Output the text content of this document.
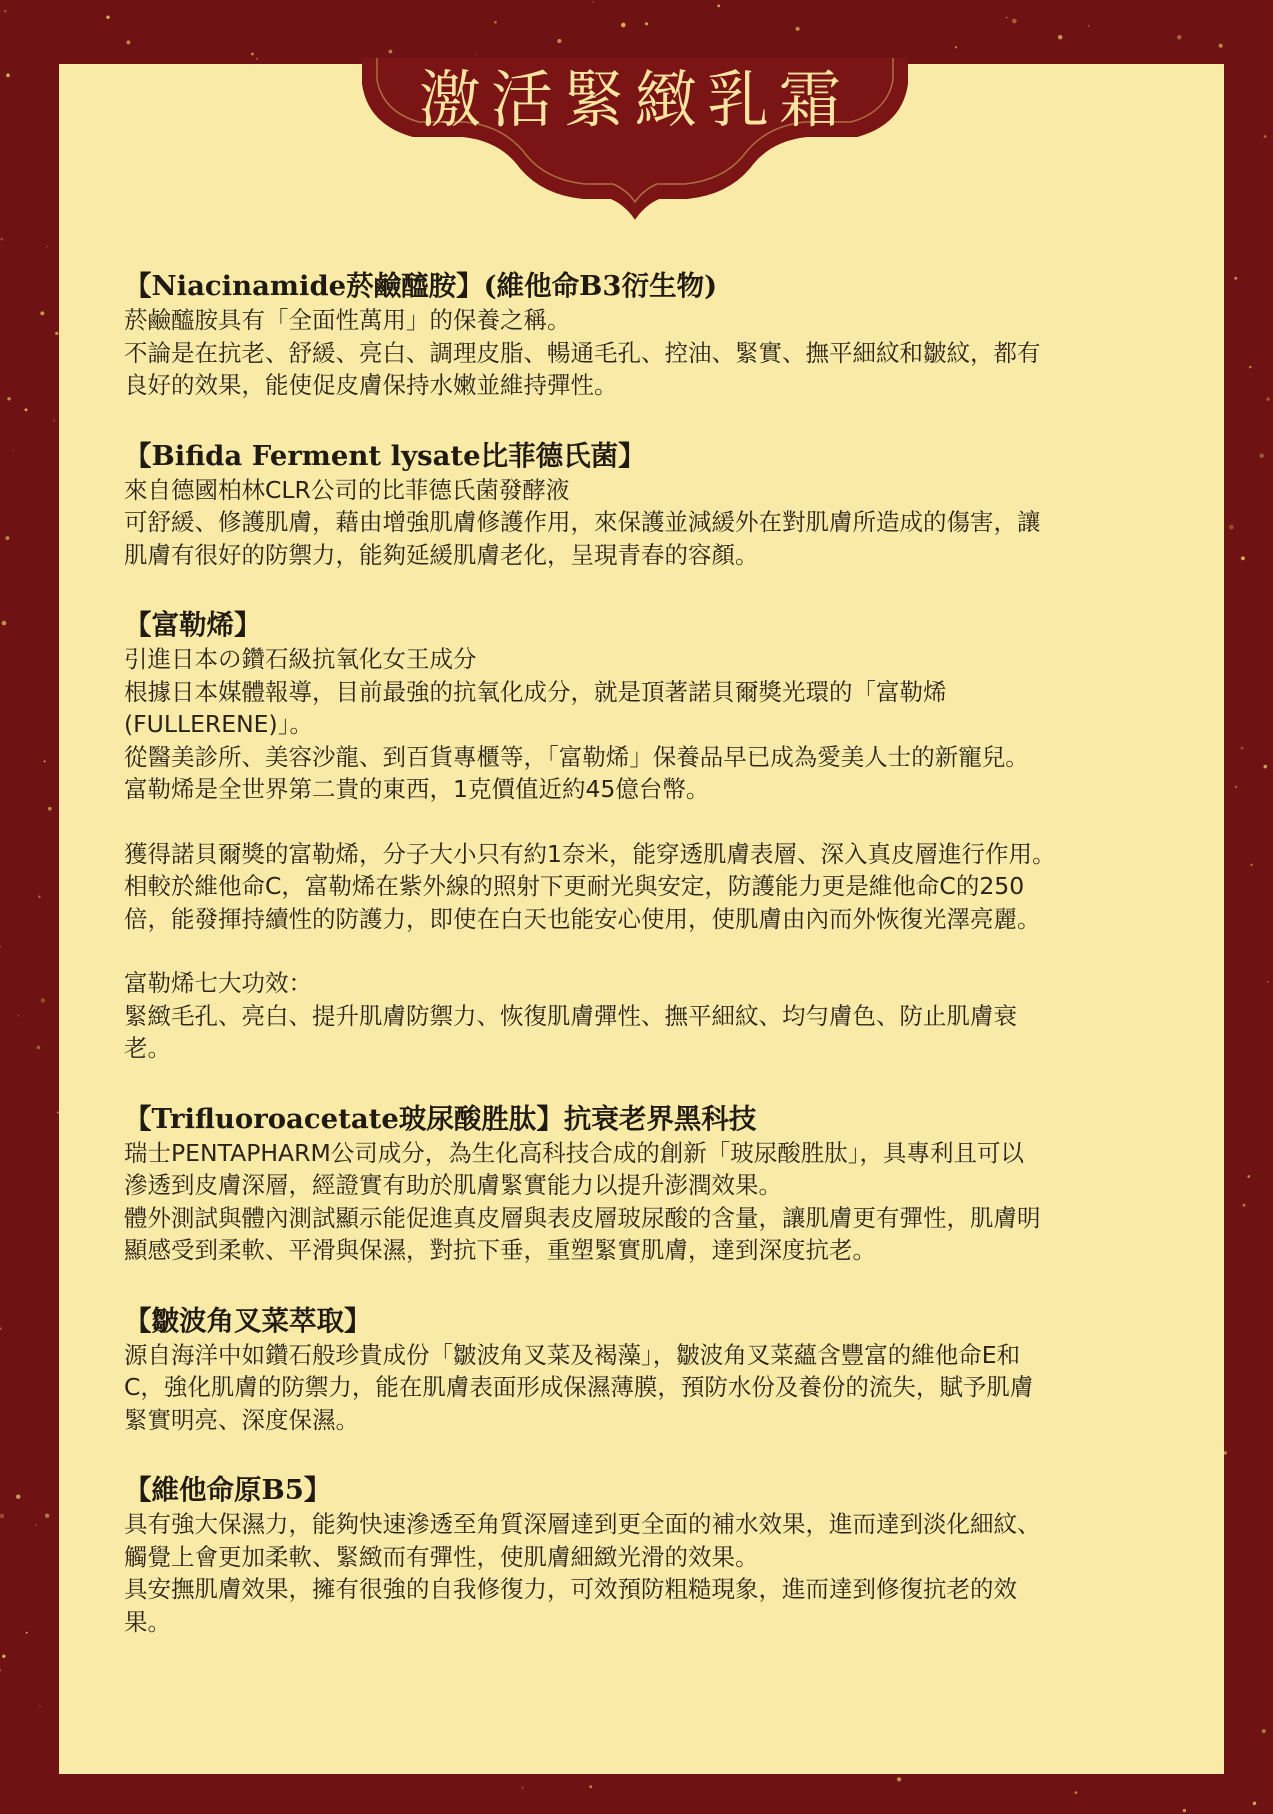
激活緊緻乳霜
【Niacinamide菸鹼醯胺】(維他命B3衍生物)
菸鹼醯胺具有「全面性萬用」的保養之稱。
不論是在抗老、舒緩、亮白、調理皮脂、暢通毛孔、控油、緊實、撫平細紋和皺紋，都有
良好的效果，能使促皮膚保持水嫩並維持彈性。
【Bifida Ferment lysate比菲德氏菌】
來自德國柏林CLR公司的比菲德氏菌發酵液
可舒緩、修護肌膚，藉由增強肌膚修護作用，來保護並減緩外在對肌膚所造成的傷害，讓
肌膚有很好的防禦力，能夠延緩肌膚老化，呈現青春的容顏。
【富勒烯】
引進日本の鑽石級抗氧化女王成分
根據日本媒體報導，目前最強的抗氧化成分，就是頂著諾貝爾獎光環的「富勒烯
(FULLERENE)」。
從醫美診所、美容沙龍、到百貨專櫃等，「富勒烯」保養品早已成為愛美人士的新寵兒。
富勒烯是全世界第二貴的東西，1克價值近約45億台幣。
獲得諾貝爾獎的富勒烯，分子大小只有約1奈米，能穿透肌膚表層、深入真皮層進行作用。
相較於維他命C，富勒烯在紫外線的照射下更耐光與安定，防護能力更是維他命C的250
倍，能發揮持續性的防護力，即使在白天也能安心使用，使肌膚由內而外恢復光澤亮麗。
富勒烯七大功效：
緊緻毛孔、亮白、提升肌膚防禦力、恢復肌膚彈性、撫平細紋、均勻膚色、防止肌膚衰
老。
【Trifluoroacetate玻尿酸胜肽】抗衰老界黑科技
瑞士PENTAPHARM公司成分，為生化高科技合成的創新「玻尿酸胜肽」，具專利且可以
滲透到皮膚深層，經證實有助於肌膚緊實能力以提升澎潤效果。
體外測試與體內測試顯示能促進真皮層與表皮層玻尿酸的含量，讓肌膚更有彈性，肌膚明
顯感受到柔軟、平滑與保濕，對抗下垂，重塑緊實肌膚，達到深度抗老。
【皺波角叉菜萃取】
源自海洋中如鑽石般珍貴成份「皺波角叉菜及褐藻」，皺波角叉菜蘊含豐富的維他命E和
C，強化肌膚的防禦力，能在肌膚表面形成保濕薄膜，預防水份及養份的流失，賦予肌膚
緊實明亮、深度保濕。
【維他命原B5】
具有強大保濕力，能夠快速滲透至角質深層達到更全面的補水效果，進而達到淡化細紋、
觸覺上會更加柔軟、緊緻而有彈性，使肌膚細緻光滑的效果。
具安撫肌膚效果，擁有很強的自我修復力，可效預防粗糙現象，進而達到修復抗老的效
果。
